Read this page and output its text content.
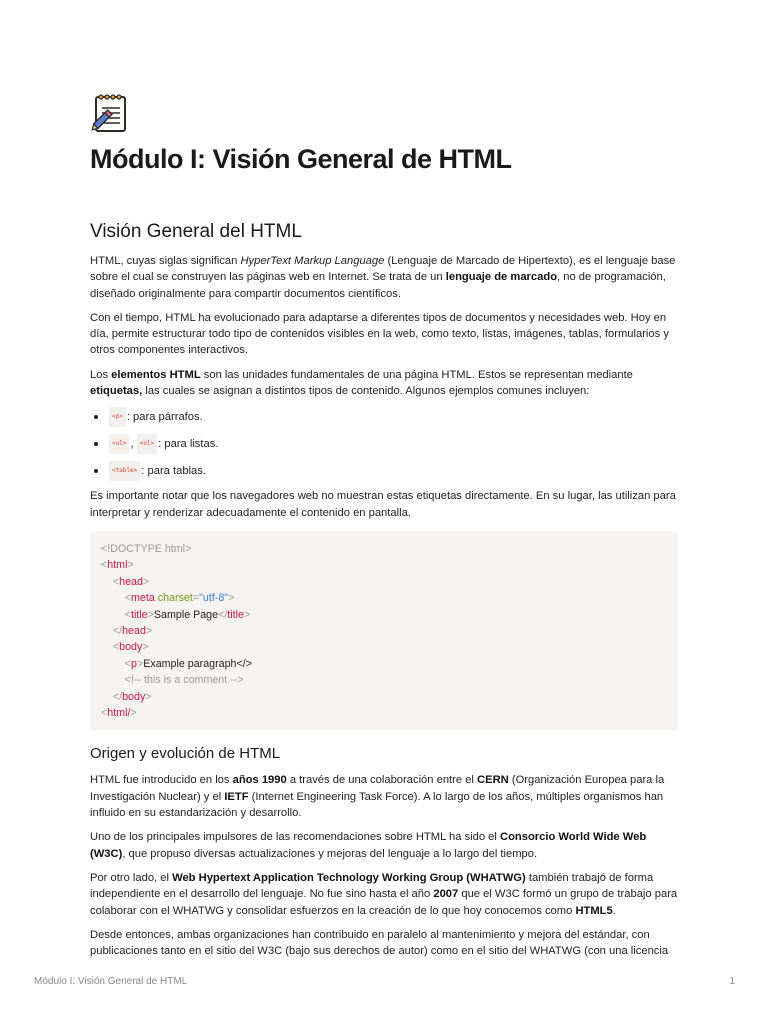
Módulo I: Visión General de HTML
Visión General del HTML

HTML, cuyas siglas significan HyperText Markup Language (Lenguaje de Marcado de Hipertexto), es el lenguaje base sobre el cual se construyen las páginas web en Internet. Se trata de un lenguaje de marcado, no de programación, diseñado originalmente para compartir documentos científicos.

Con el tiempo, HTML ha evolucionado para adaptarse a diferentes tipos de documentos y necesidades web. Hoy en día, permite estructurar todo tipo de contenidos visibles en la web, como texto, listas, imágenes, tablas, formularios y otros componentes interactivos.

Los elementos HTML son las unidades fundamentales de una página HTML. Estos se representan mediante etiquetas, las cuales se asignan a distintos tipos de contenido. Algunos ejemplos comunes incluyen:

<p> : para párrafos.
<ul> , <ol> : para listas.
<table> : para tablas.

Es importante notar que los navegadores web no muestran estas etiquetas directamente. En su lugar, las utilizan para interpretar y renderizar adecuadamente el contenido en pantalla.

<!DOCTYPE html>
<html>
<head>
<meta charset="utf-8">
<title>Sample Page</title>
</head>
<body>
<p>Example paragraph</>
<!-- this is a comment -->
</body>
<html/>
Origen y evolución de HTML

HTML fue introducido en los años 1990 a través de una colaboración entre el CERN (Organización Europea para la Investigación Nuclear) y el IETF (Internet Engineering Task Force). A lo largo de los años, múltiples organismos han influido en su estandarización y desarrollo.

Uno de los principales impulsores de las recomendaciones sobre HTML ha sido el Consorcio World Wide Web (W3C), que propuso diversas actualizaciones y mejoras del lenguaje a lo largo del tiempo.

Por otro lado, el Web Hypertext Application Technology Working Group (WHATWG) también trabajó de forma independiente en el desarrollo del lenguaje. No fue sino hasta el año 2007 que el W3C formó un grupo de trabajo para colaborar con el WHATWG y consolidar esfuerzos en la creación de lo que hoy conocemos como HTML5.

Desde entonces, ambas organizaciones han contribuido en paralelo al mantenimiento y mejora del estándar, con publicaciones tanto en el sitio del W3C (bajo sus derechos de autor) como en el sitio del WHATWG (con una licencia

Módulo I: Visión General de HTML	1
